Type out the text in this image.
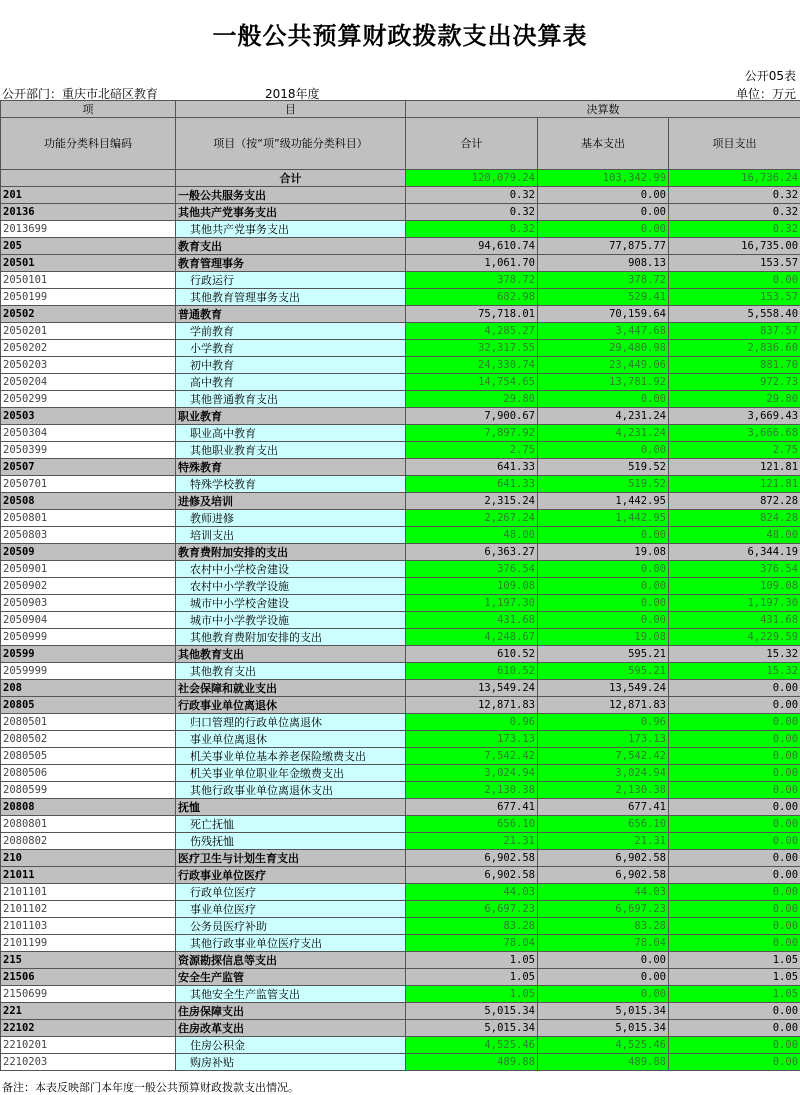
一般公共预算财政拨款支出决算表
公开05表
公开部门：重庆市北碚区教育	2018年度	单位：万元
项	目	决算数		
功能分类科目编码	项目（按“项”级功能分类科目）	合计	基本支出	项目支出
	合计	120,079.24	103,342.99	16,736.24
201	一般公共服务支出	0.32	0.00	0.32
20136	其他共产党事务支出	0.32	0.00	0.32
2013699	其他共产党事务支出	0.32	0.00	0.32
205	教育支出	94,610.74	77,875.77	16,735.00
20501	教育管理事务	1,061.70	908.13	153.57
2050101	行政运行	378.72	378.72	0.00
2050199	其他教育管理事务支出	682.98	529.41	153.57
20502	普通教育	75,718.01	70,159.64	5,558.40
2050201	学前教育	4,285.27	3,447.68	837.57
2050202	小学教育	32,317.55	29,480.98	2,836.60
2050203	初中教育	24,330.74	23,449.06	881.70
2050204	高中教育	14,754.65	13,781.92	972.73
2050299	其他普通教育支出	29.80	0.00	29.80
20503	职业教育	7,900.67	4,231.24	3,669.43
2050304	职业高中教育	7,897.92	4,231.24	3,666.68
2050399	其他职业教育支出	2.75	0.00	2.75
20507	特殊教育	641.33	519.52	121.81
2050701	特殊学校教育	641.33	519.52	121.81
20508	进修及培训	2,315.24	1,442.95	872.28
2050801	教师进修	2,267.24	1,442.95	824.28
2050803	培训支出	48.00	0.00	48.00
20509	教育费附加安排的支出	6,363.27	19.08	6,344.19
2050901	农村中小学校舍建设	376.54	0.00	376.54
2050902	农村中小学教学设施	109.08	0.00	109.08
2050903	城市中小学校舍建设	1,197.30	0.00	1,197.30
2050904	城市中小学教学设施	431.68	0.00	431.68
2050999	其他教育费附加安排的支出	4,248.67	19.08	4,229.59
20599	其他教育支出	610.52	595.21	15.32
2059999	其他教育支出	610.52	595.21	15.32
208	社会保障和就业支出	13,549.24	13,549.24	0.00
20805	行政事业单位离退休	12,871.83	12,871.83	0.00
2080501	归口管理的行政单位离退休	0.96	0.96	0.00
2080502	事业单位离退休	173.13	173.13	0.00
2080505	机关事业单位基本养老保险缴费支出	7,542.42	7,542.42	0.00
2080506	机关事业单位职业年金缴费支出	3,024.94	3,024.94	0.00
2080599	其他行政事业单位离退休支出	2,130.38	2,130.38	0.00
20808	抚恤	677.41	677.41	0.00
2080801	死亡抚恤	656.10	656.10	0.00
2080802	伤残抚恤	21.31	21.31	0.00
210	医疗卫生与计划生育支出	6,902.58	6,902.58	0.00
21011	行政事业单位医疗	6,902.58	6,902.58	0.00
2101101	行政单位医疗	44.03	44.03	0.00
2101102	事业单位医疗	6,697.23	6,697.23	0.00
2101103	公务员医疗补助	83.28	83.28	0.00
2101199	其他行政事业单位医疗支出	78.04	78.04	0.00
215	资源勘探信息等支出	1.05	0.00	1.05
21506	安全生产监管	1.05	0.00	1.05
2150699	其他安全生产监管支出	1.05	0.00	1.05
221	住房保障支出	5,015.34	5,015.34	0.00
22102	住房改革支出	5,015.34	5,015.34	0.00
2210201	住房公积金	4,525.46	4,525.46	0.00
2210203	购房补贴	489.88	489.88	0.00
备注：本表反映部门本年度一般公共预算财政拨款支出情况。
